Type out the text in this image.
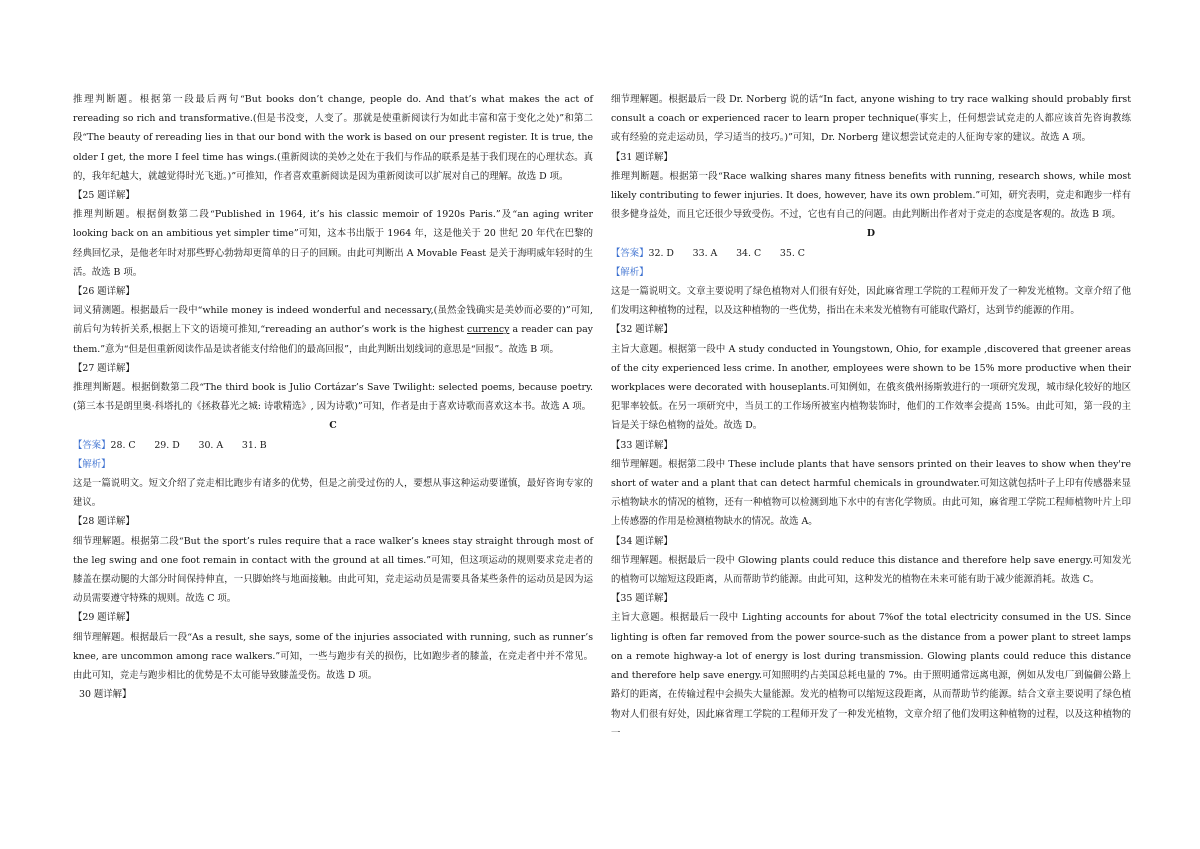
推理判断题。根据第一段最后两句“But books don’t change, people do. And that’s what makes the act of rereading so rich and transformative.(但是书没变，人变了。那就是使重新阅读行为如此丰富和富于变化之处)”和第二段“The beauty of rereading lies in that our bond with the work is based on our present register. It is true, the older I get, the more I feel time has wings.(重新阅读的美妙之处在于我们与作品的联系是基于我们现在的心理状态。真的，我年纪越大，就越觉得时光飞逝。)”可推知，作者喜欢重新阅读是因为重新阅读可以扩展对自己的理解。故选 D 项。

【25 题详解】

推理判断题。根据倒数第二段“Published in 1964, it’s his classic memoir of 1920s Paris.”及“an aging writer looking back on an ambitious yet simpler time”可知，这本书出版于 1964 年，这是他关于 20 世纪 20 年代在巴黎的经典回忆录，是他老年时对那些野心勃勃却更简单的日子的回顾。由此可判断出 A Movable Feast 是关于海明威年轻时的生活。故选 B 项。

【26 题详解】

词义猜测题。根据最后一段中“while money is indeed wonderful and necessary,(虽然金钱确实是美妙而必要的)”可知,前后句为转折关系,根据上下文的语境可推知,“rereading an author’s work is the highest currency a reader can pay them.”意为“但是但重新阅读作品是读者能支付给他们的最高回报”，由此判断出划线词的意思是“回报”。故选 B 项。

【27 题详解】

推理判断题。根据倒数第二段“The third book is Julio Cortázar’s Save Twilight: selected poems, because poetry.(第三本书是朗里奥·科塔扎的《拯救暮光之城: 诗歌精选》, 因为诗歌)”可知，作者是由于喜欢诗歌而喜欢这本书。故选 A 项。

C

【答案】28. C　　29. D　　30. A　　31. B

【解析】

这是一篇说明文。短文介绍了竞走相比跑步有诸多的优势，但是之前受过伤的人，要想从事这种运动要谨慎，最好咨询专家的建议。

【28 题详解】

细节理解题。根据第二段“But the sport’s rules require that a race walker’s knees stay straight through most of the leg swing and one foot remain in contact with the ground at all times.”可知，但这项运动的规则要求竞走者的膝盖在摆动腿的大部分时间保持伸直，一只脚始终与地面接触。由此可知，竞走运动员是需要具备某些条件的运动员是因为运动员需要遵守特殊的规则。故选 C 项。

【29 题详解】

细节理解题。根据最后一段“As a result, she says, some of the injuries associated with running, such as runner’s knee, are uncommon among race walkers.”可知，一些与跑步有关的损伤，比如跑步者的膝盖，在竞走者中并不常见。由此可知，竞走与跑步相比的优势是不太可能导致膝盖受伤。故选 D 项。

30 题详解】

细节理解题。根据最后一段 Dr. Norberg 说的话“In fact, anyone wishing to try race walking should probably first consult a coach or experienced racer to learn proper technique(事实上，任何想尝试竞走的人都应该首先咨询教练或有经验的竞走运动员，学习适当的技巧。)”可知，Dr. Norberg 建议想尝试竞走的人征询专家的建议。故选 A 项。

【31 题详解】

推理判断题。根据第一段“Race walking shares many fitness benefits with running, research shows, while most likely contributing to fewer injuries. It does, however, have its own problem.”可知，研究表明，竞走和跑步一样有很多健身益处，而且它还很少导致受伤。不过，它也有自己的问题。由此判断出作者对于竞走的态度是客观的。故选 B 项。

D

【答案】32. D　　33. A　　34. C　　35. C

【解析】

这是一篇说明文。文章主要说明了绿色植物对人们很有好处，因此麻省理工学院的工程师开发了一种发光植物。文章介绍了他们发明这种植物的过程，以及这种植物的一些优势，指出在未来发光植物有可能取代路灯，达到节约能源的作用。

【32 题详解】

主旨大意题。根据第一段中 A study conducted in Youngstown, Ohio, for example ,discovered that greener areas of the city experienced less crime. In another, employees were shown to be 15% more productive when their workplaces were decorated with houseplants.可知例如，在俄亥俄州扬斯敦进行的一项研究发现，城市绿化较好的地区犯罪率较低。在另一项研究中，当员工的工作场所被室内植物装饰时，他们的工作效率会提高 15%。由此可知，第一段的主旨是关于绿色植物的益处。故选 D。

【33 题详解】

细节理解题。根据第二段中 These include plants that have sensors printed on their leaves to show when they're short of water and a plant that can detect harmful chemicals in groundwater.可知这就包括叶子上印有传感器来显示植物缺水的情况的植物，还有一种植物可以检测到地下水中的有害化学物质。由此可知，麻省理工学院工程师植物叶片上印上传感器的作用是检测植物缺水的情况。故选 A。

【34 题详解】

细节理解题。根据最后一段中 Glowing plants could reduce this distance and therefore help save energy.可知发光的植物可以缩短这段距离，从而帮助节约能源。由此可知，这种发光的植物在未来可能有助于减少能源消耗。故选 C。

【35 题详解】

主旨大意题。根据最后一段中 Lighting accounts for about 7%of the total electricity consumed in the US. Since lighting is often far removed from the power source-such as the distance from a power plant to street lamps on a remote highway-a lot of energy is lost during transmission. Glowing plants could reduce this distance and therefore help save energy.可知照明约占美国总耗电量的 7%。由于照明通常远离电源，例如从发电厂到偏僻公路上路灯的距离，在传输过程中会损失大量能源。发光的植物可以缩短这段距离，从而帮助节约能源。结合文章主要说明了绿色植物对人们很有好处，因此麻省理工学院的工程师开发了一种发光植物，文章介绍了他们发明这种植物的过程，以及这种植物的一
